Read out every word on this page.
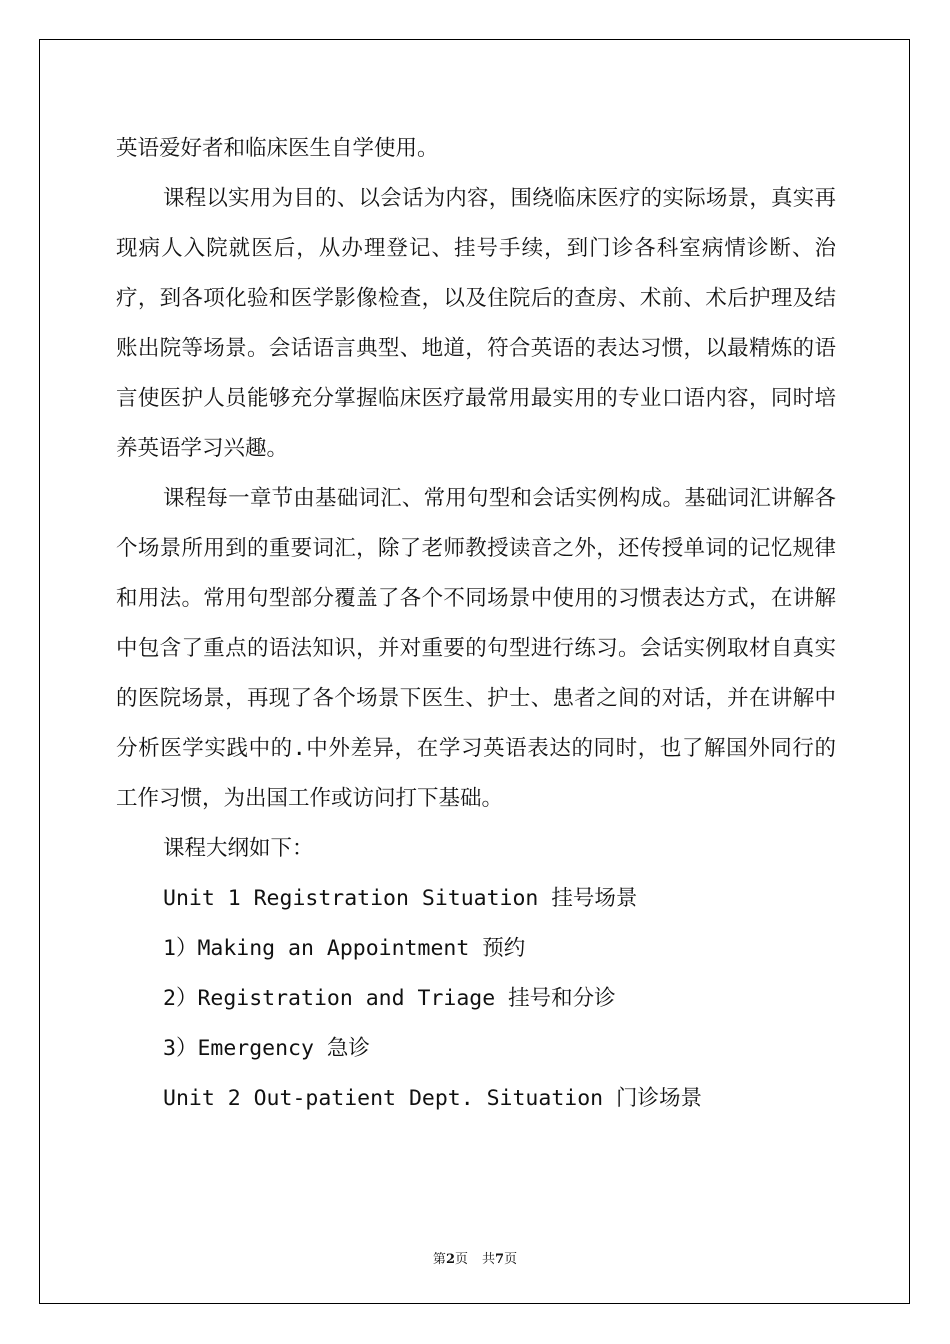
英语爱好者和临床医生自学使用。

课程以实用为目的、以会话为内容，围绕临床医疗的实际场景，真实再现病人入院就医后，从办理登记、挂号手续，到门诊各科室病情诊断、治疗，到各项化验和医学影像检查，以及住院后的查房、术前、术后护理及结账出院等场景。会话语言典型、地道，符合英语的表达习惯，以最精炼的语言使医护人员能够充分掌握临床医疗最常用最实用的专业口语内容，同时培养英语学习兴趣。

课程每一章节由基础词汇、常用句型和会话实例构成。基础词汇讲解各个场景所用到的重要词汇，除了老师教授读音之外，还传授单词的记忆规律和用法。常用句型部分覆盖了各个不同场景中使用的习惯表达方式，在讲解中包含了重点的语法知识，并对重要的句型进行练习。会话实例取材自真实的医院场景，再现了各个场景下医生、护士、患者之间的对话，并在讲解中分析医学实践中的.中外差异，在学习英语表达的同时，也了解国外同行的工作习惯，为出国工作或访问打下基础。

课程大纲如下：

Unit 1 Registration Situation 挂号场景

1）Making an Appointment 预约

2）Registration and Triage 挂号和分诊

3）Emergency 急诊

Unit 2 Out-patient Dept. Situation 门诊场景

第2页 共7页
